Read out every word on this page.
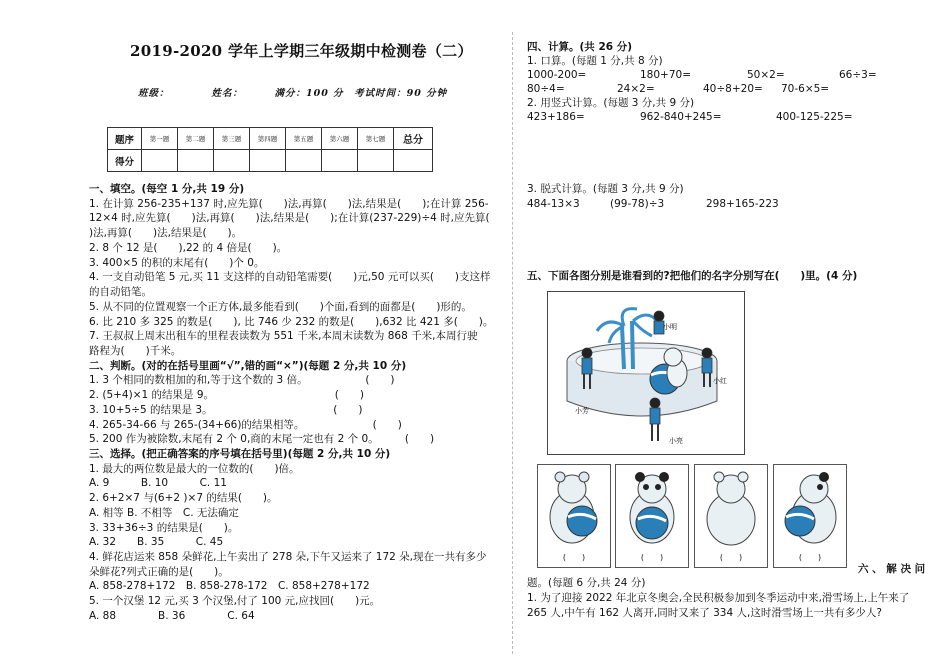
2019-2020 学年上学期三年级期中检测卷（二）
班级：　　　　姓名：　　　满分：100 分　考试时间：90 分钟
题序	第一题	第二题	第三题	第四题	第五题	第六题	第七题	总分
得分								
一、填空。(每空 1 分,共 19 分)
1. 在计算 256-235+137 时,应先算(　　)法,再算(　　)法,结果是(　　);在计算 256-
12×4 时,应先算(　　)法,再算(　　)法,结果是(　　);在计算(237-229)÷4 时,应先算(
)法,再算(　　)法,结果是(　　)。
2. 8 个 12 是(　　),22 的 4 倍是(　　)。
3. 400×5 的积的末尾有(　　)个 0。
4. 一支自动铅笔 5 元,买 11 支这样的自动铅笔需要(　　)元,50 元可以买(　　)支这样
的自动铅笔。
5. 从不同的位置观察一个正方体,最多能看到(　　)个面,看到的面都是(　　)形的。
6. 比 210 多 325 的数是(　　), 比 746 少 232 的数是(　　),632 比 421 多(　　)。
7. 王叔叔上周末出租车的里程表读数为 551 千米,本周末读数为 868 千米,本周行驶
路程为(　　)千米。
二、判断。(对的在括号里画“√”,错的画“×”)(每题 2 分,共 10 分)
1. 3 个相同的数相加的和,等于这个数的 3 倍。　　　　　　(　　)
2. (5+4)×1 的结果是 9。　　　　　　　　　　　　(　　)
3. 10+5÷5 的结果是 3。　　　　　　　　　　　　(　　)
4. 265-34-66 与 265-(34+66)的结果相等。　　　　　　　(　　)
5. 200 作为被除数,末尾有 2 个 0,商的末尾一定也有 2 个 0。　　　(　　)
三、选择。(把正确答案的序号填在括号里)(每题 2 分,共 10 分)
1. 最大的两位数是最大的一位数的(　　)倍。
A. 9　　　B. 10　　　C. 11
2. 6+2×7 与(6+2 )×7 的结果(　　)。
A. 相等 B. 不相等　C. 无法确定
3. 33+36÷3 的结果是(　　)。
A. 32　　B. 35　　　C. 45
4. 鲜花店运来 858 朵鲜花,上午卖出了 278 朵,下午又运来了 172 朵,现在一共有多少
朵鲜花?列式正确的是(　　)。
A. 858-278+172　B. 858-278-172　C. 858+278+172
5. 一个汉堡 12 元,买 3 个汉堡,付了 100 元,应找回(　　)元。
A. 88　　　　B. 36　　　　C. 64
四、计算。(共 26 分)
1. 口算。(每题 1 分,共 8 分)
1000-200=	180+70=	50×2=	66÷3=
80÷4=	24×2=	40÷8+20= 70-6×5=
2. 用竖式计算。(每题 3 分,共 9 分)
423+186=	962-840+245=	400-125-225=
3. 脱式计算。(每题 3 分,共 9 分)
484-13×3	(99-78)÷3	298+165-223
五、下面各图分别是谁看到的?把他们的名字分别写在(　　)里。(4 分)
小明
小红
小芳
小亮
(　　)	(　　)	(　　)	(　　)
六 、 解 决 问
题。(每题 6 分,共 24 分)
1. 为了迎接 2022 年北京冬奥会,全民积极参加到冬季运动中来,滑雪场上,上午来了
265 人,中午有 162 人离开,同时又来了 334 人,这时滑雪场上一共有多少人?
